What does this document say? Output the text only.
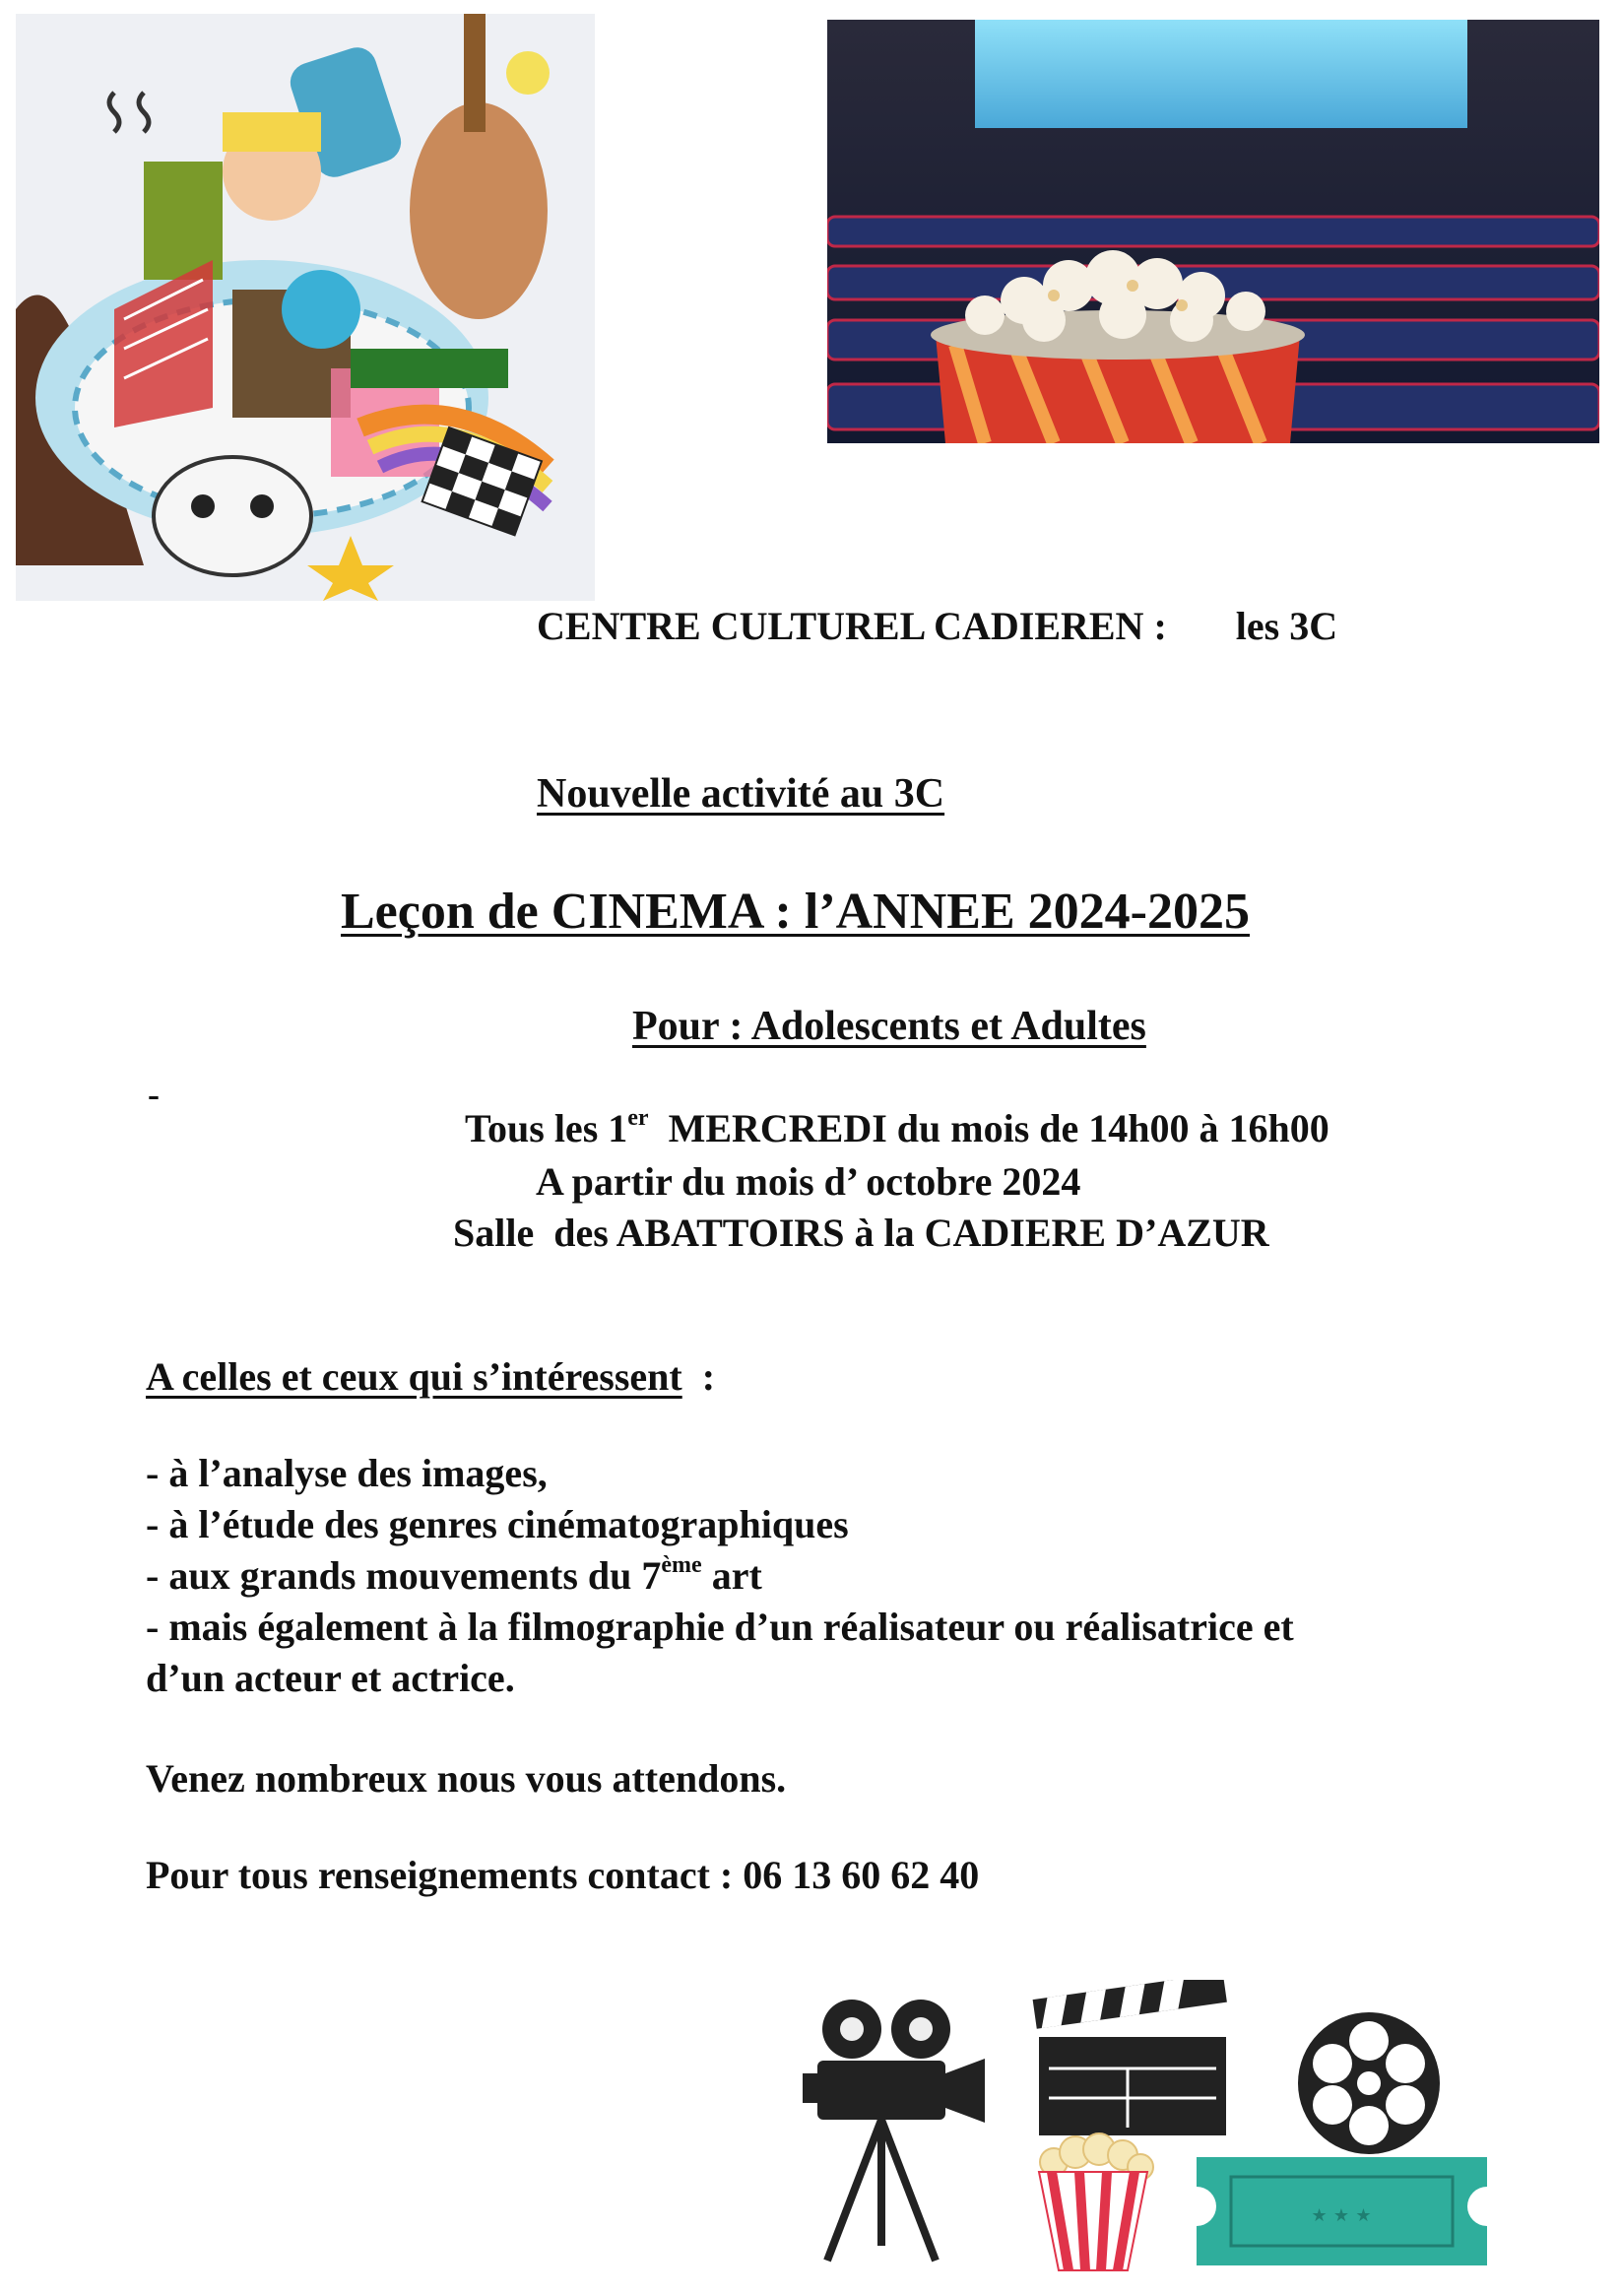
CENTRE CULTUREL CADIEREN : les 3C
Nouvelle activité au 3C
Leçon de CINEMA : l’ANNEE 2024-2025
Pour : Adolescents et Adultes
-
Tous les 1er  MERCREDI du mois de 14h00 à 16h00
A partir du mois d’ octobre 2024
Salle  des ABATTOIRS à la CADIERE D’AZUR
A celles et ceux qui s’intéressent  :
- à l’analyse des images,
- à l’étude des genres cinématographiques
- aux grands mouvements du 7ème art
- mais également à la filmographie d’un réalisateur ou réalisatrice et
d’un acteur et actrice.
Venez nombreux nous vous attendons.
Pour tous renseignements contact : 06 13 60 62 40
★ ★ ★
